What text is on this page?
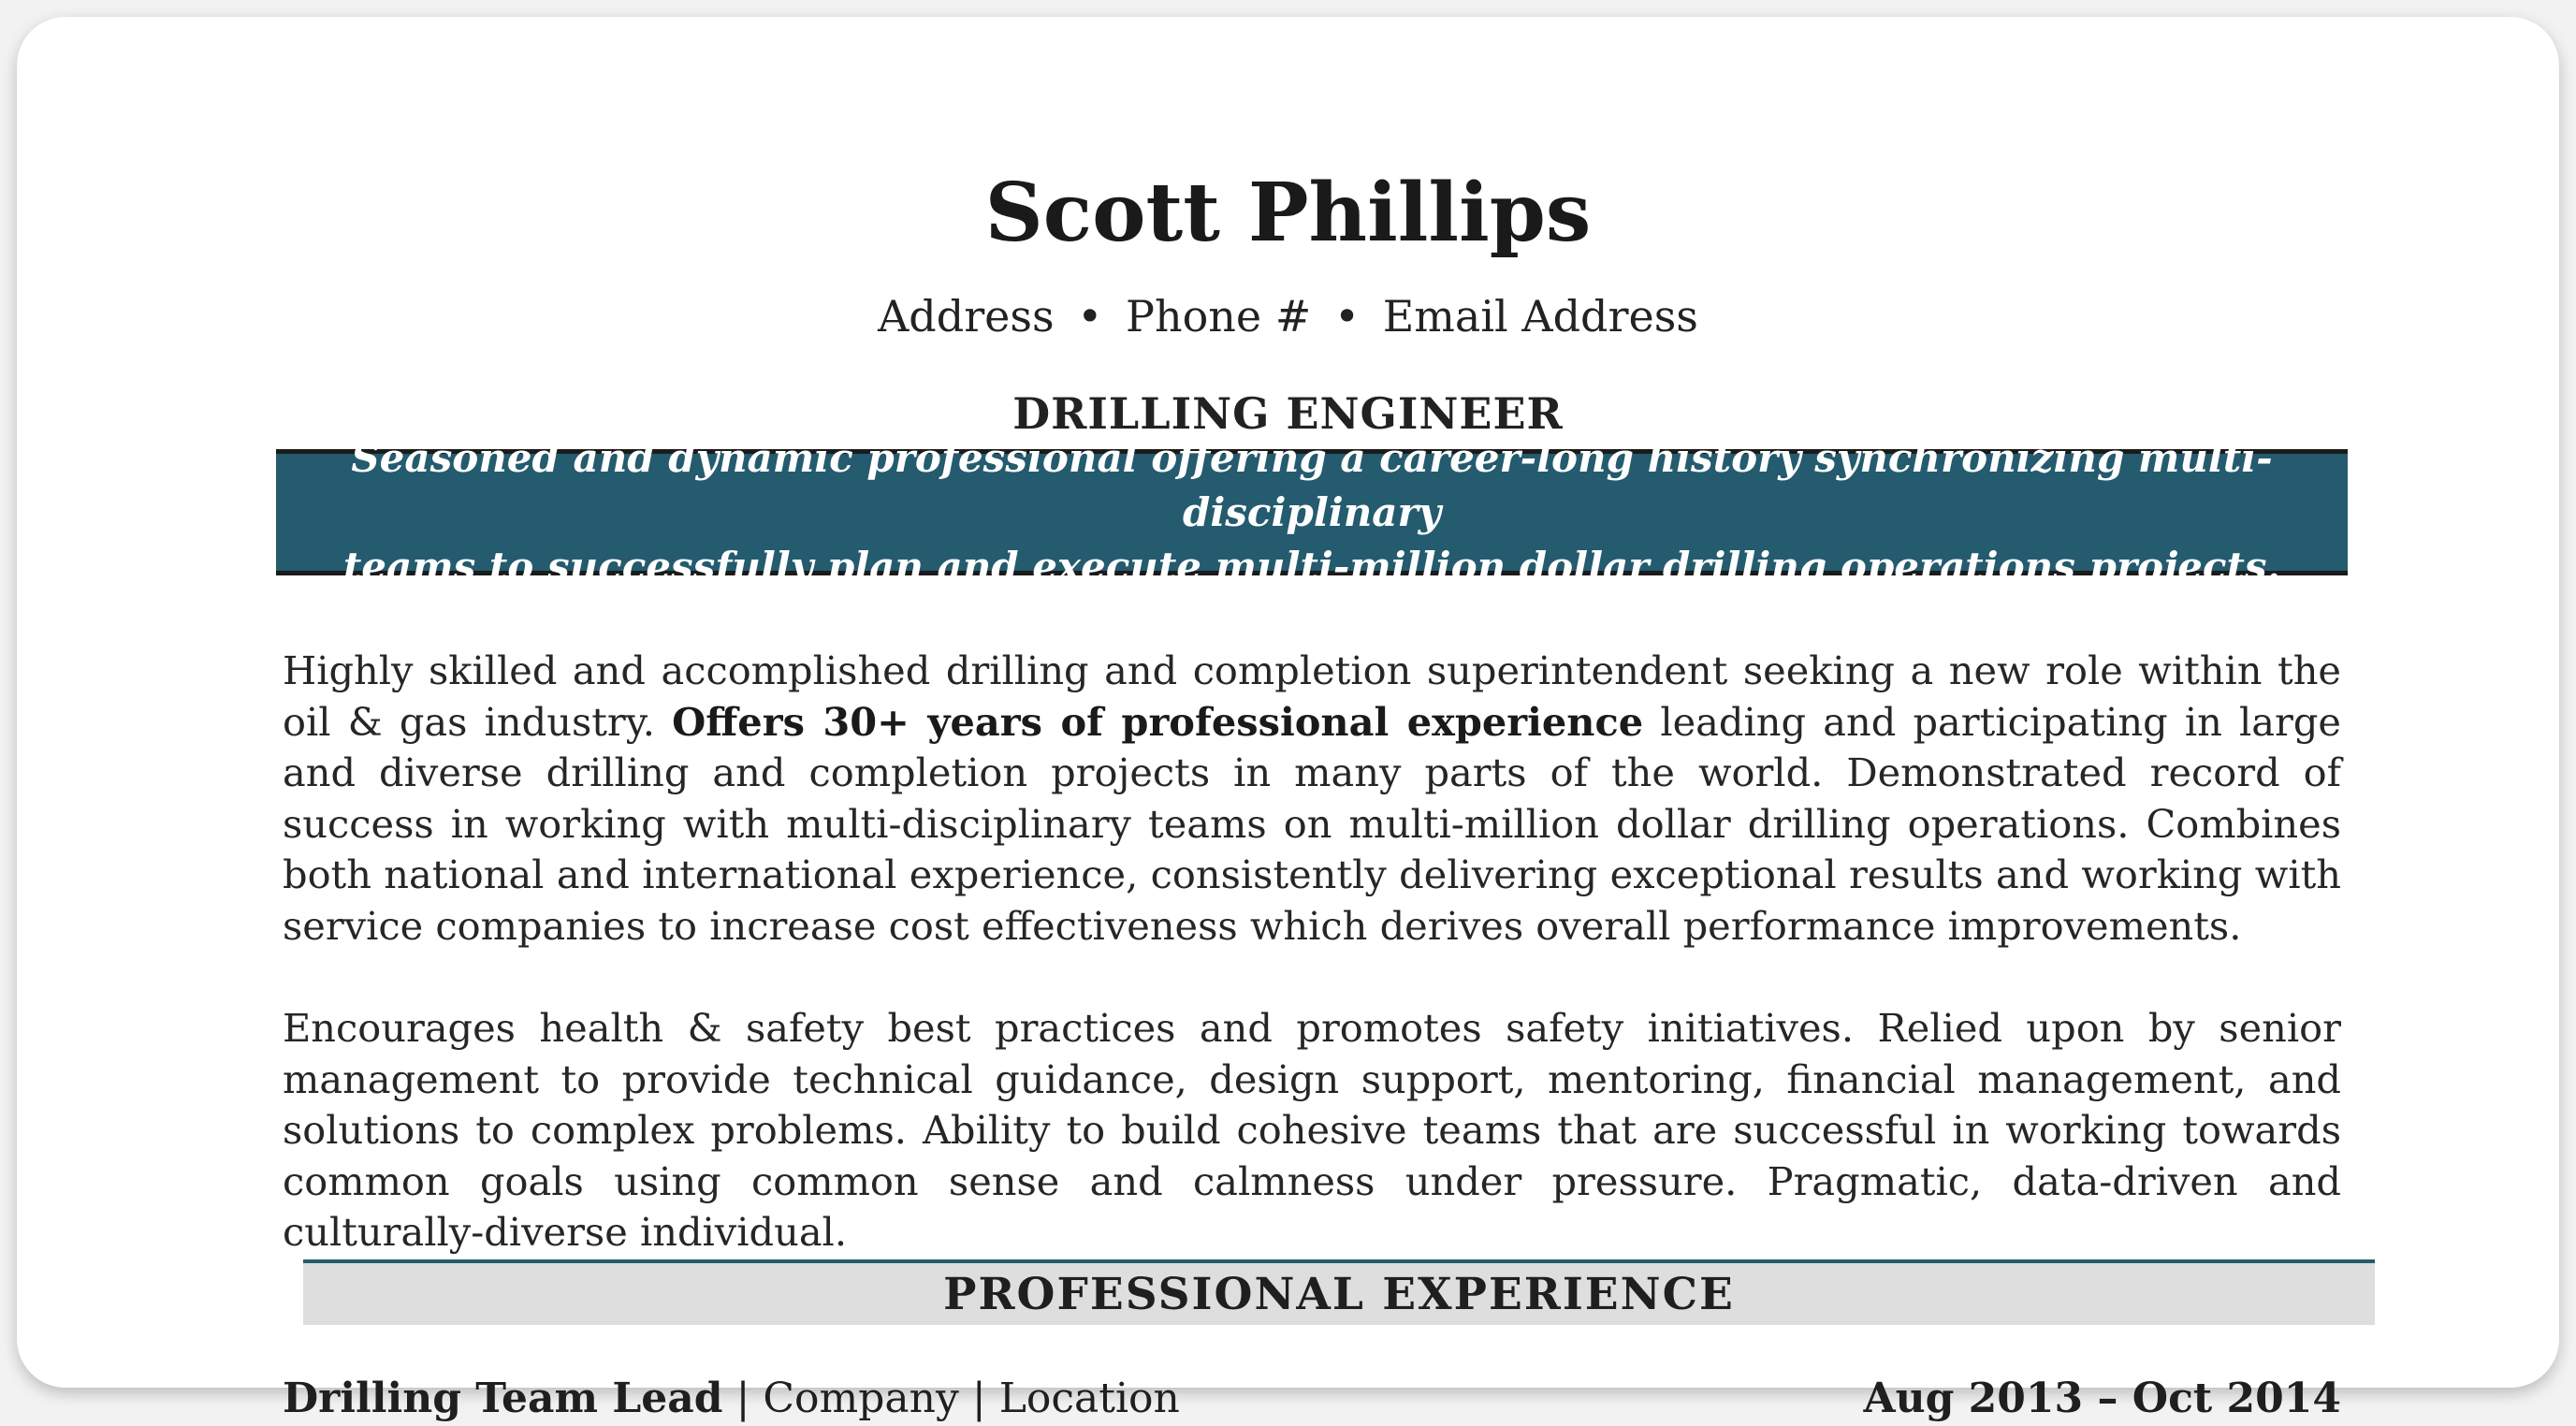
Scott Phillips
Address • Phone # • Email Address
DRILLING ENGINEER
Seasoned and dynamic professional offering a career-long history synchronizing multi-disciplinary
teams to successfully plan and execute multi-million dollar drilling operations projects.
Highly skilled and accomplished drilling and completion superintendent seeking a new role within the oil & gas industry. Offers 30+ years of professional experience leading and participating in large and diverse drilling and completion projects in many parts of the world. Demonstrated record of success in working with multi-disciplinary teams on multi-million dollar drilling operations. Combines both national and international experience, consistently delivering exceptional results and working with service companies to increase cost effectiveness which derives overall performance improvements.
Encourages health & safety best practices and promotes safety initiatives. Relied upon by senior management to provide technical guidance, design support, mentoring, financial management, and solutions to complex problems. Ability to build cohesive teams that are successful in working towards common goals using common sense and calmness under pressure. Pragmatic, data-driven and culturally-diverse individual.
PROFESSIONAL EXPERIENCE
Drilling Team Lead | Company | Location	Aug 2013 – Oct 2014
